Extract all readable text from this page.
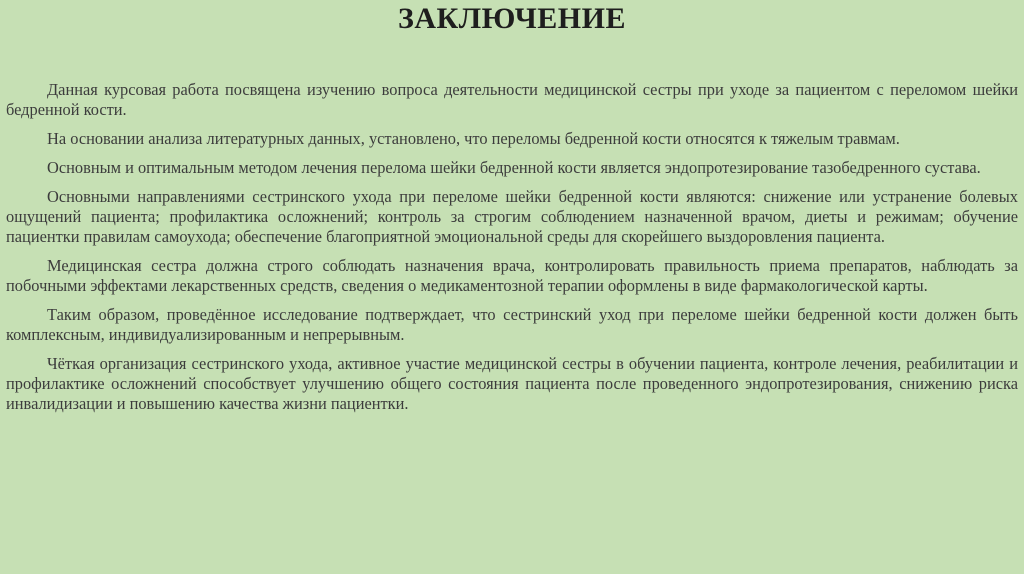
ЗАКЛЮЧЕНИЕ

Данная курсовая работа посвящена изучению вопроса деятельности медицинской сестры при уходе за пациентом с переломом шейки бедренной кости.

На основании анализа литературных данных, установлено, что переломы бедренной кости относятся к тяжелым травмам.

Основным и оптимальным методом лечения перелома шейки бедренной кости является эндопротезирование тазобедренного сустава.

Основными направлениями сестринского ухода при переломе шейки бедренной кости являются: снижение или устранение болевых ощущений пациента; профилактика осложнений; контроль за строгим соблюдением назначенной врачом, диеты и режимам; обучение пациентки правилам самоухода; обеспечение благоприятной эмоциональной среды для скорейшего выздоровления пациента.

Медицинская сестра должна строго соблюдать назначения врача, контролировать правильность приема препаратов, наблюдать за побочными эффектами лекарственных средств, сведения о медикаментозной терапии оформлены в виде фармакологической карты.

Таким образом, проведённое исследование подтверждает, что сестринский уход при переломе шейки бедренной кости должен быть комплексным, индивидуализированным и непрерывным.

Чёткая организация сестринского ухода, активное участие медицинской сестры в обучении пациента, контроле лечения, реабилитации и профилактике осложнений способствует улучшению общего состояния пациента после проведенного эндопротезирования, снижению риска инвалидизации и повышению качества жизни пациентки.
